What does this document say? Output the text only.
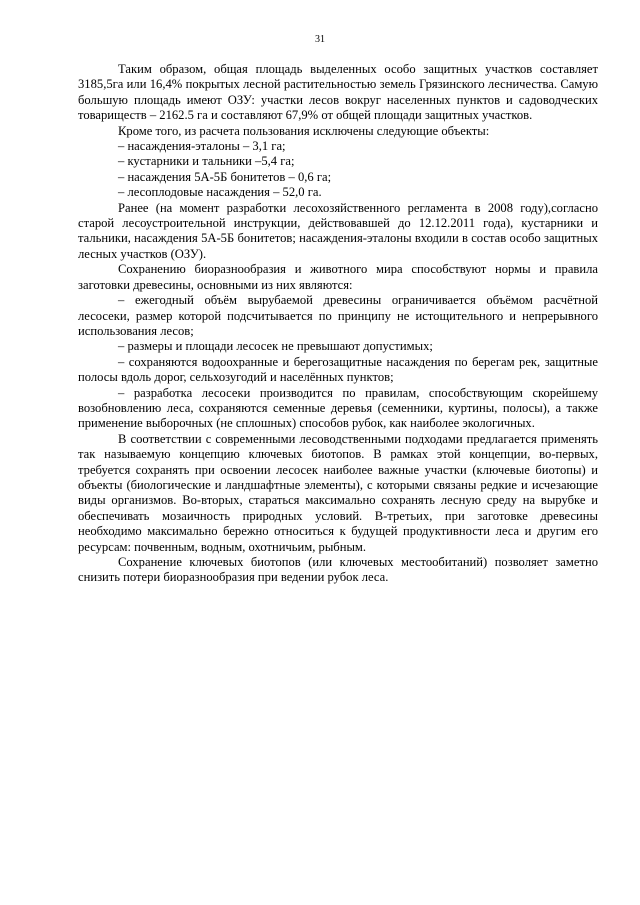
31

Таким образом, общая площадь выделенных особо защитных участков составляет 3185,5га или 16,4% покрытых лесной растительностью земель Грязинского лесничества. Самую большую площадь имеют ОЗУ: участки лесов вокруг населенных пунктов и садоводческих товариществ – 2162.5 га и составляют 67,9% от общей площади защитных участков.

Кроме того, из расчета пользования исключены следующие объекты:

– насаждения-эталоны – 3,1 га;

– кустарники и тальники –5,4 га;

– насаждения 5А-5Б бонитетов – 0,6 га;

– лесоплодовые насаждения – 52,0 га.

Ранее (на момент разработки лесохозяйственного регламента в 2008 году),согласно старой лесоустроительной инструкции, действовавшей до 12.12.2011 года), кустарники и тальники, насаждения 5А-5Б бонитетов; насаждения-эталоны входили в состав особо защитных лесных участков (ОЗУ).

Сохранению биоразнообразия и животного мира способствуют нормы и правила заготовки древесины, основными из них являются:

– ежегодный объём вырубаемой древесины ограничивается объёмом расчётной лесосеки, размер которой подсчитывается по принципу не истощительного и непрерывного использования лесов;

– размеры и площади лесосек не превышают допустимых;

– сохраняются водоохранные и берегозащитные насаждения по берегам рек, защитные полосы вдоль дорог, сельхозугодий и населённых пунктов;

– разработка лесосеки производится по правилам, способствующим скорейшему возобновлению леса, сохраняются семенные деревья (семенники, куртины, полосы), а также применение выборочных (не сплошных) способов рубок, как наиболее экологичных.

В соответствии с современными лесоводственными подходами предлагается применять так называемую концепцию ключевых биотопов. В рамках этой концепции, во-первых, требуется сохранять при освоении лесосек наиболее важные участки (ключевые биотопы) и объекты (биологические и ландшафтные элементы), с которыми связаны редкие и исчезающие виды организмов. Во-вторых, стараться максимально сохранять лесную среду на вырубке и обеспечивать мозаичность природных условий. В-третьих, при заготовке древесины необходимо максимально бережно относиться к будущей продуктивности леса и другим его ресурсам: почвенным, водным, охотничьим, рыбным.

Сохранение ключевых биотопов (или ключевых местообитаний) позволяет заметно снизить потери биоразнообразия при ведении рубок леса.
